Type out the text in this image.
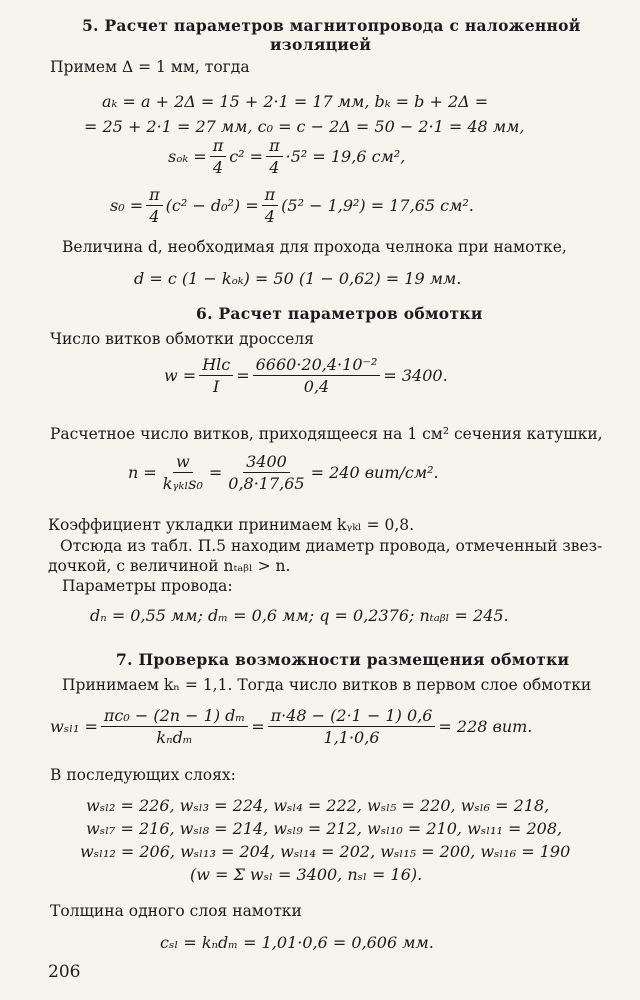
5. Расчет параметров магнитопровода с наложенной
изоляцией
Примем Δ = 1 мм, тогда
aₖ = a + 2Δ = 15 + 2·1 = 17 мм, bₖ = b + 2Δ =
= 25 + 2·1 = 27 мм, c₀ = c − 2Δ = 50 − 2·1 = 48 мм,
$s_{ok} = \frac{\pi}{4} c^2 = \frac{\pi}{4} \cdot 5^2 = 19,6$ см²,
$s_0 = \frac{\pi}{4} (c^2 - d_0^2) = \frac{\pi}{4} (5^2 - 1,9^2) = 17,65$ см².
Величина d, необходимая для прохода челнока при намотке,
d = c (1 − kₒₖ) = 50 (1 − 0,62) = 19 мм.
6. Расчет параметров обмотки
Число витков обмотки дросселя
$w = \frac{\text{Hlᴄ}}{I} = \frac{\text{6660·20,4·10⁻²}}{0,4} = 3400$.
Расчетное число витков, приходящееся на 1 см² сечения катушки,
$n = \frac{w}{\text{kᵧₖₗs₀}} = \frac{3400}{0,8\cdot 17,65} = 240$ вит/см².
Коэффициент укладки принимаем kᵧₖₗ = 0,8.
Отсюда из табл. П.5 находим диаметр провода, отмеченный звез-
дочкой, с величиной nₜₐᵦₗ > n.
Параметры провода:
dₙ = 0,55 мм; dₘ = 0,6 мм; q = 0,2376; nₜₐᵦₗ = 245.
7. Проверка возможности размещения обмотки
Принимаем kₙ = 1,1. Тогда число витков в первом слое обмотки
$w_{sl1} = \frac{\text{πc₀ − (2n − 1) dₘ}}{\text{kₙdₘ}} = \frac{\pi\cdot 48 - (2\cdot 1 - 1) 0,6}{1,1\cdot 0,6} = 228$ вит.
В последующих слоях:
wₛₗ₂ = 226, wₛₗ₃ = 224, wₛₗ₄ = 222, wₛₗ₅ = 220, wₛₗ₆ = 218,
wₛₗ₇ = 216, wₛₗ₈ = 214, wₛₗ₉ = 212, wₛₗ₁₀ = 210, wₛₗ₁₁ = 208,
wₛₗ₁₂ = 206, wₛₗ₁₃ = 204, wₛₗ₁₄ = 202, wₛₗ₁₅ = 200, wₛₗ₁₆ = 190
(w = Σ wₛₗ = 3400, nₛₗ = 16).
Толщина одного слоя намотки
cₛₗ = kₙdₘ = 1,01·0,6 = 0,606 мм.
206
